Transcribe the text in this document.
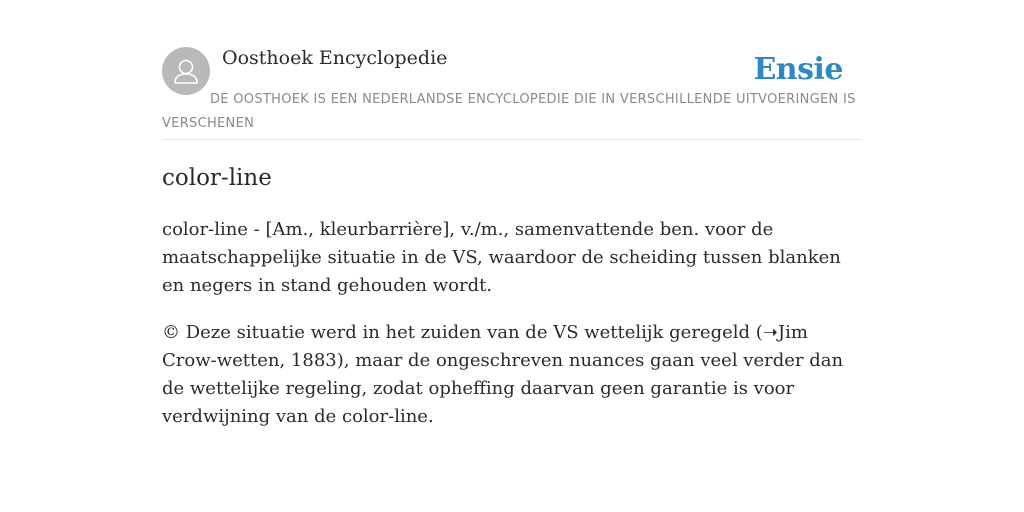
Oosthoek Encyclopedie	Ensie
DE OOSTHOEK IS EEN NEDERLANDSE ENCYCLOPEDIE DIE IN VERSCHILLENDE UITVOERINGEN IS VERSCHENEN
color-line

color-line - [Am., kleurbarrière], v./m., samenvattende ben. voor de maatschappelijke situatie in de VS, waardoor de scheiding tussen blanken en negers in stand gehouden wordt.

© Deze situatie werd in het zuiden van de VS wettelijk geregeld (➝Jim Crow-wetten, 1883), maar de ongeschreven nuances gaan veel verder dan de wettelijke regeling, zodat opheffing daarvan geen garantie is voor verdwijning van de color-line.
